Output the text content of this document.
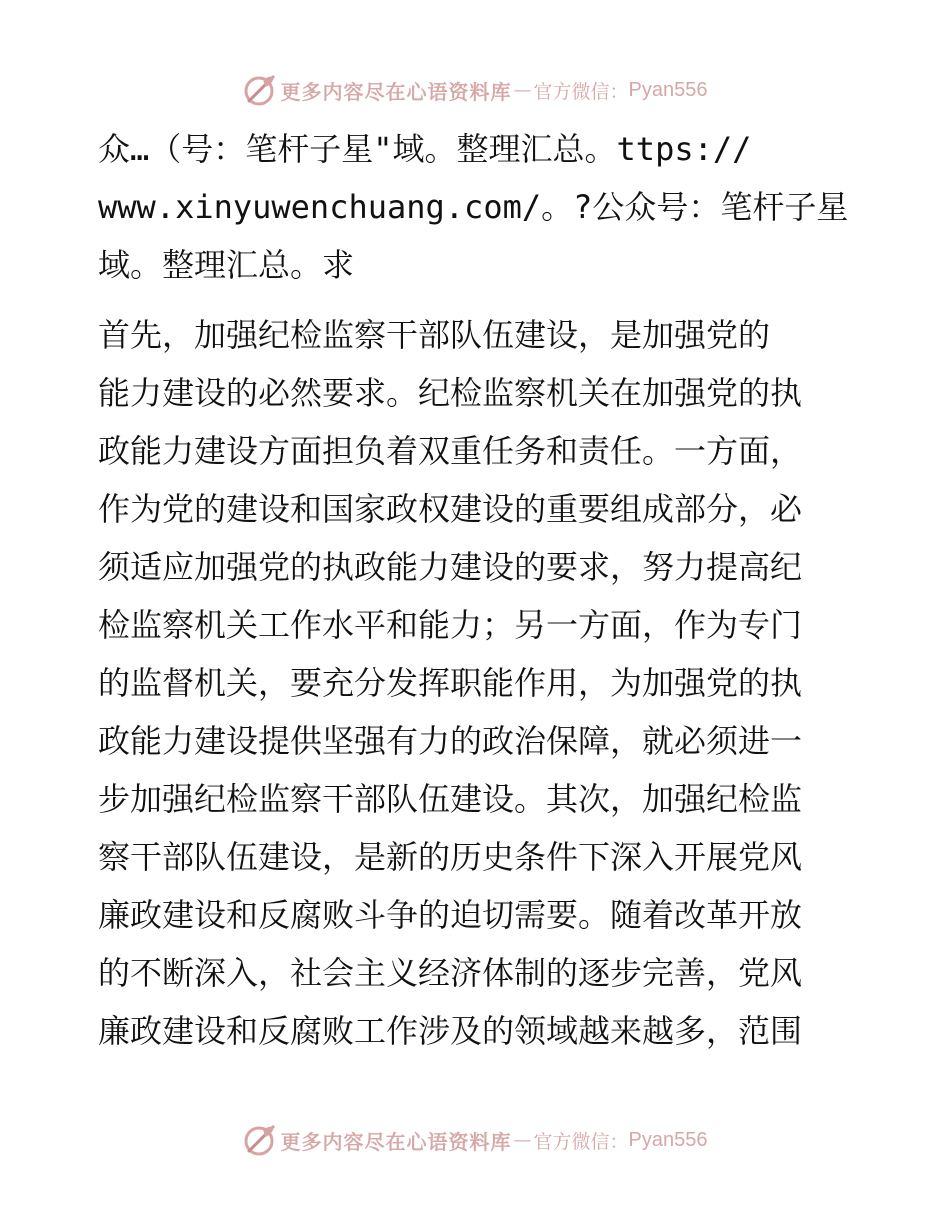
更多内容尽在心语资料库 — 官方微信： Pyan556

众…（号：笔杆子星"域。整理汇总。ttps://
www.xinyuwenchuang.com/。?公众号：笔杆子星
域。整理汇总。求

首先，加强纪检监察干部队伍建设，是加强党的
能力建设的必然要求。纪检监察机关在加强党的执
政能力建设方面担负着双重任务和责任。一方面，
作为党的建设和国家政权建设的重要组成部分，必
须适应加强党的执政能力建设的要求，努力提高纪
检监察机关工作水平和能力；另一方面，作为专门
的监督机关，要充分发挥职能作用，为加强党的执
政能力建设提供坚强有力的政治保障，就必须进一
步加强纪检监察干部队伍建设。其次，加强纪检监
察干部队伍建设，是新的历史条件下深入开展党风
廉政建设和反腐败斗争的迫切需要。随着改革开放
的不断深入，社会主义经济体制的逐步完善，党风
廉政建设和反腐败工作涉及的领域越来越多，范围

更多内容尽在心语资料库 — 官方微信： Pyan556
